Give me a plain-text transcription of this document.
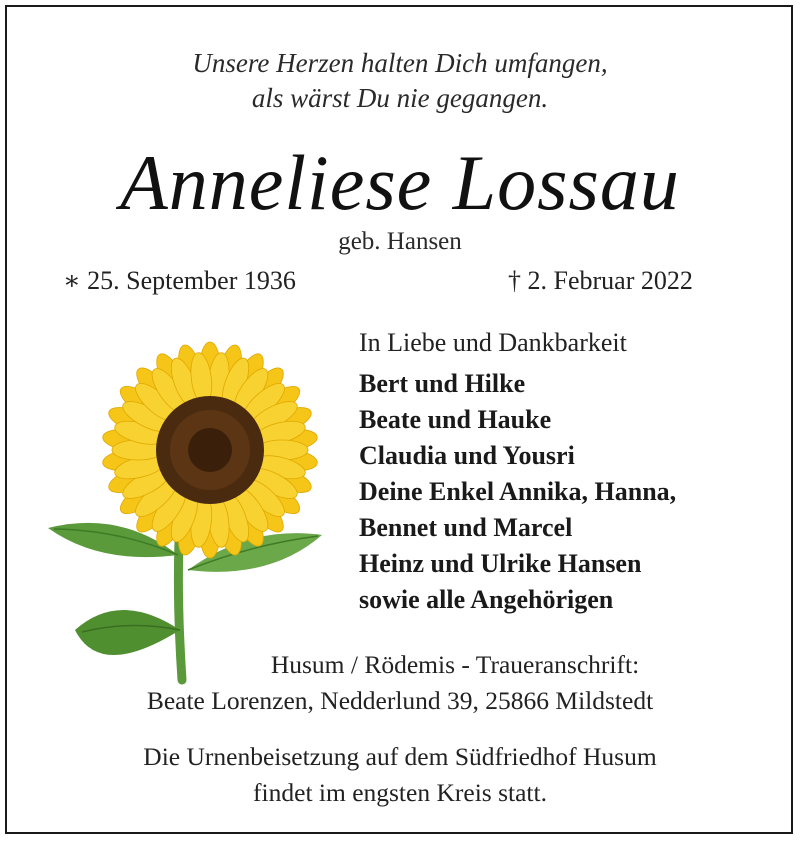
Unsere Herzen halten Dich umfangen,
als wärst Du nie gegangen.
Anneliese Lossau
geb. Hansen
∗ 25. September 1936	† 2. Februar 2022
In Liebe und Dankbarkeit
Bert und Hilke
Beate und Hauke
Claudia und Yousri
Deine Enkel Annika, Hanna,
Bennet und Marcel
Heinz und Ulrike Hansen
sowie alle Angehörigen
Husum / Rödemis - Traueranschrift:
Beate Lorenzen, Nedderlund 39, 25866 Mildstedt
Die Urnenbeisetzung auf dem Südfriedhof Husum
findet im engsten Kreis statt.
